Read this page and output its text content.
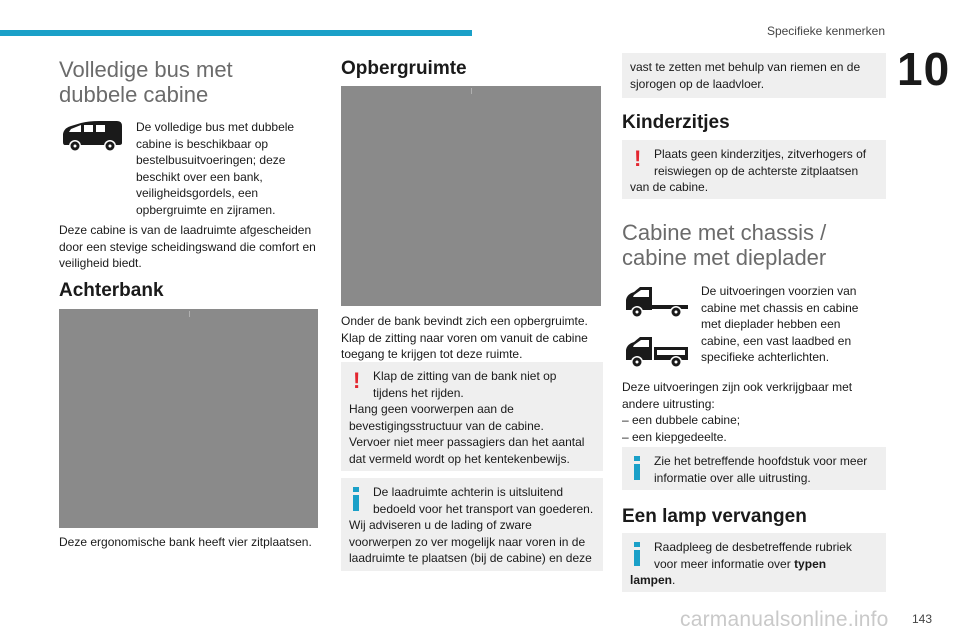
Specifieke kenmerken
10
Volledige bus met
dubbele cabine
De volledige bus met dubbele
cabine is beschikbaar op
bestelbusuitvoeringen; deze
beschikt over een bank,
veiligheidsgordels, een
opbergruimte en zijramen.
Deze cabine is van de laadruimte afgescheiden
door een stevige scheidingswand die comfort en
veiligheid biedt.
Achterbank
Deze ergonomische bank heeft vier zitplaatsen.
Opbergruimte
Onder de bank bevindt zich een opbergruimte.
Klap de zitting naar voren om vanuit de cabine
toegang te krijgen tot deze ruimte.
!	Klap de zitting van de bank niet op
tijdens het rijden.
Hang geen voorwerpen aan de
bevestigingsstructuur van de cabine.
Vervoer niet meer passagiers dan het aantal
dat vermeld wordt op het kentekenbewijs.
De laadruimte achterin is uitsluitend
bedoeld voor het transport van goederen.
Wij adviseren u de lading of zware
voorwerpen zo ver mogelijk naar voren in de
laadruimte te plaatsen (bij de cabine) en deze
vast te zetten met behulp van riemen en de
sjorogen op de laadvloer.
Kinderzitjes
!	Plaats geen kinderzitjes, zitverhogers of
reiswiegen op de achterste zitplaatsen
van de cabine.
Cabine met chassis /
cabine met dieplader
De uitvoeringen voorzien van
cabine met chassis en cabine
met dieplader hebben een
cabine, een vast laadbed en
specifieke achterlichten.
Deze uitvoeringen zijn ook verkrijgbaar met
andere uitrusting:
– een dubbele cabine;
– een kiepgedeelte.
Zie het betreffende hoofdstuk voor meer
informatie over alle uitrusting.
Een lamp vervangen
Raadpleeg de desbetreffende rubriek
voor meer informatie over typen
lampen.
carmanualsonline.info 143
